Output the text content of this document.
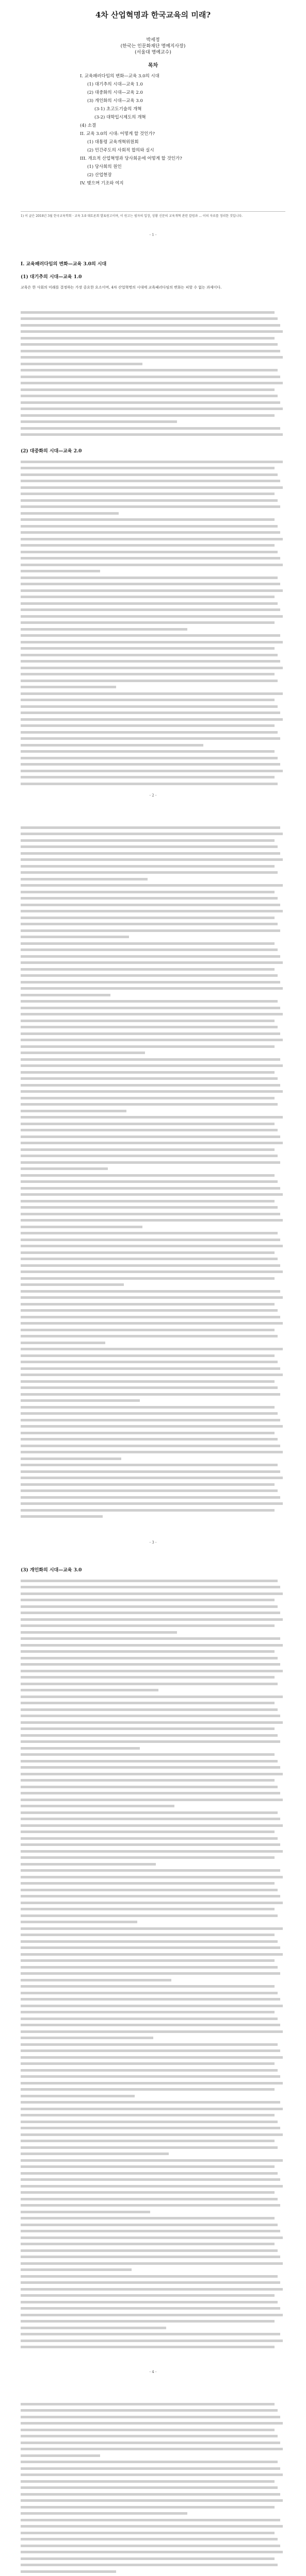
4차 산업혁명과 한국교육의 미래?
박세정
(한국는 인문화재단 명예지사장)
(서울대 명예교수)
목차
I. 교육패러다임의 변화—교육 3.0의 시대
(1) 대기추의 시대—교육 1.0
(2) 대중화의 시대—교육 2.0
(3) 개인화의 시대—교육 3.0
(3-1) 초고도기술의 개혁
(3-2) 대학입시제도의 개혁
(4) 소결
II. 교육 3.0의 시대: 어떻게 할 것인가?
(1) 대통령 교육개혁위원회
(2) 민간주도의 사회적 합의와 실시
III. 개요적 산업혁명과 당사회운에 어떻게 할 것인가?
(1) 당사회의 원인
(2) 산업현장
IV. 맺으며 기조와 여지
1) 이 글은 2018년 3월 한국교육학회 · 교육 3.0 대토론회 발표원고이며, 이 원고는 필자의 입장, 상황 신문의 교육개혁 관련 칼럼과 ... 이의 자료를 정리한 것입니다.
- 1 -
I. 교육패러다임의 변화—교육 3.0의 시대
(1) 대기추의 시대—교육 1.0
교육은 한 사회의 미래를 결정하는 가장 중요한 요소이며, 4차 산업혁명의 시대에 교육패러다임의 변화는 피할 수 없는 과제이다.
(2) 대중화의 시대—교육 2.0
- 2 -
- 3 -
(3) 개인화의 시대—교육 3.0
- 4 -
